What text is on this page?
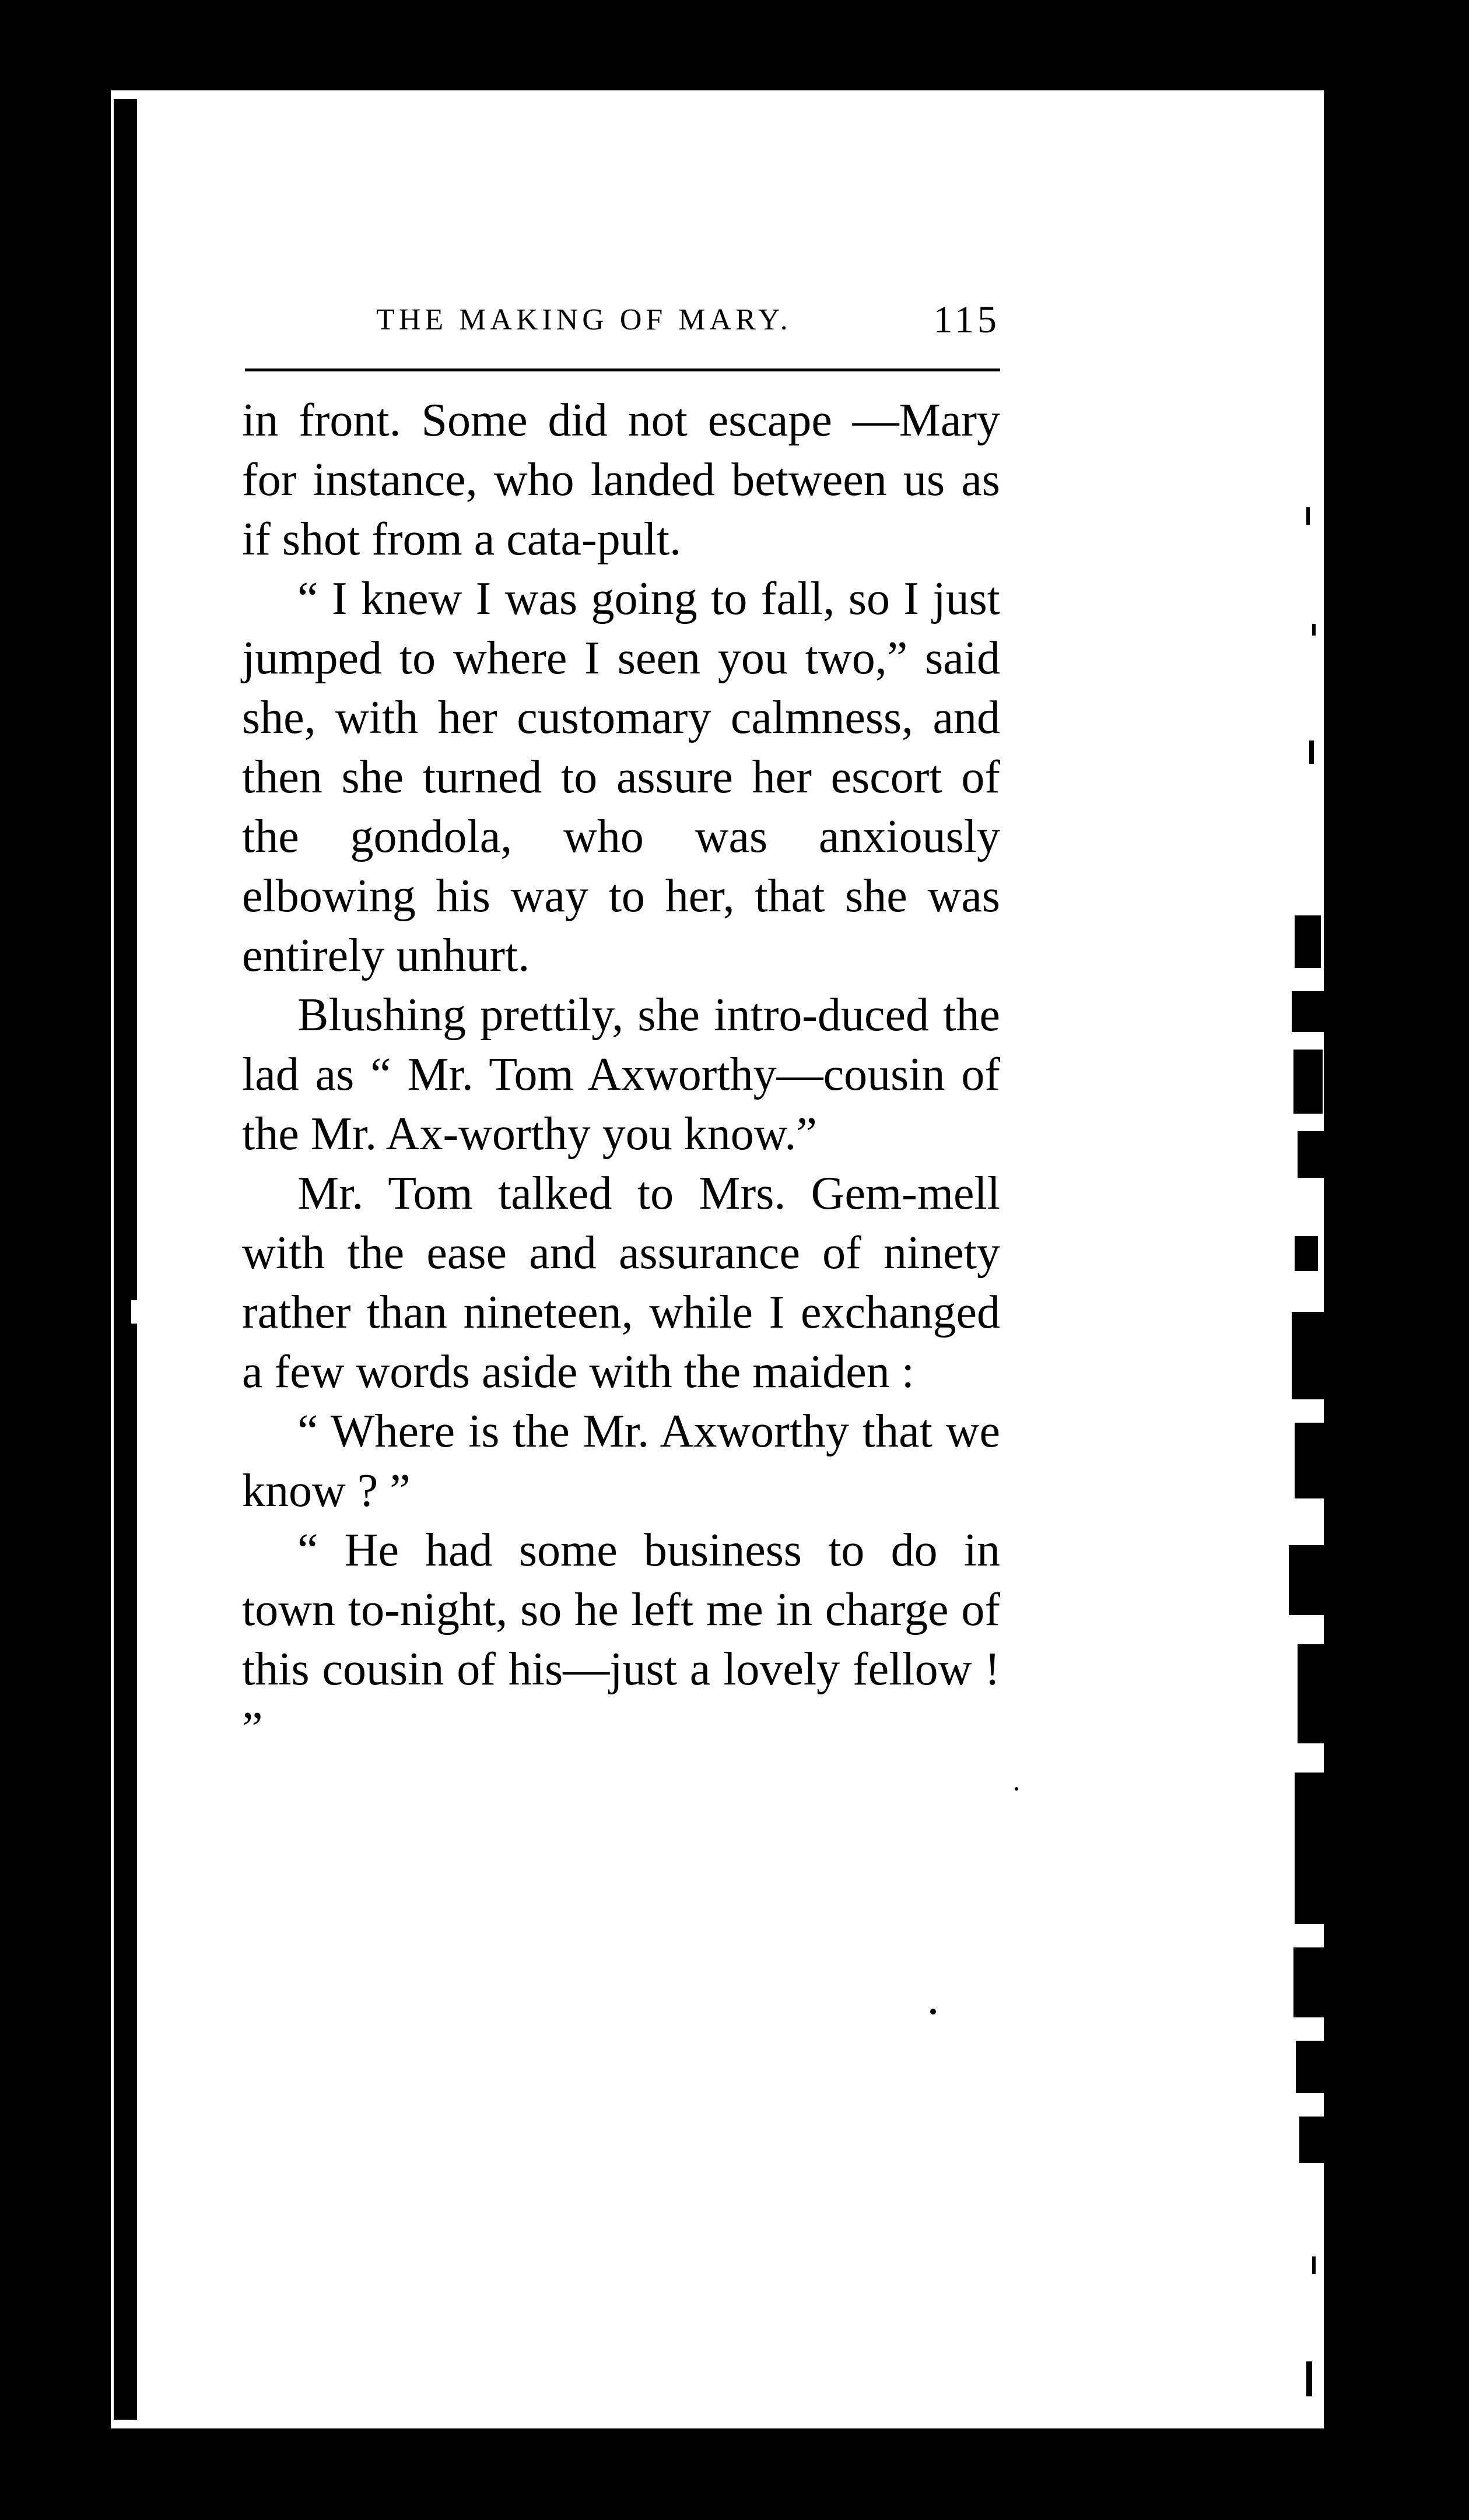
THE MAKING OF MARY.	115

in front. Some did not escape —Mary for instance, who landed between us as if shot from a cata-pult.

“ I knew I was going to fall, so I just jumped to where I seen you two,” said she, with her customary calmness, and then she turned to assure her escort of the gondola, who was anxiously elbowing his way to her, that she was entirely unhurt.

Blushing prettily, she intro-duced the lad as “ Mr. Tom Axworthy—cousin of the Mr. Ax-worthy you know.”

Mr. Tom talked to Mrs. Gem-mell with the ease and assurance of ninety rather than nineteen, while I exchanged a few words aside with the maiden :

“ Where is the Mr. Axworthy that we know ? ”

“ He had some business to do in town to-night, so he left me in charge of this cousin of his—just a lovely fellow ! ”
